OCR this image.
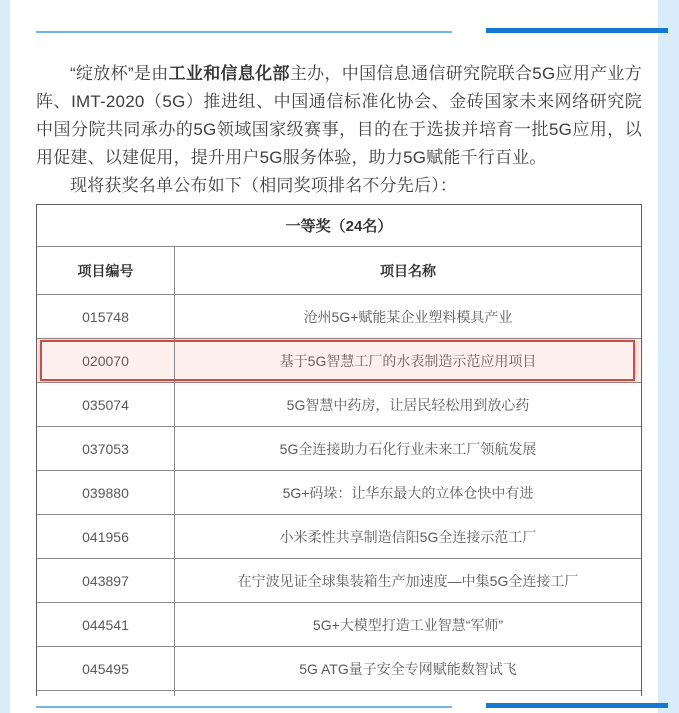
“绽放杯”是由工业和信息化部主办，中国信息通信研究院联合5G应用产业方阵、IMT-2020（5G）推进组、中国通信标准化协会、金砖国家未来网络研究院中国分院共同承办的5G领域国家级赛事，目的在于选拔并培育一批5G应用，以用促建、以建促用，提升用户5G服务体验，助力5G赋能千行百业。

现将获奖名单公布如下（相同奖项排名不分先后）：

一等奖（24名）
项目编号	项目名称
015748	沧州5G+赋能某企业塑料模具产业
020070	基于5G智慧工厂的水表制造示范应用项目
035074	5G智慧中药房，让居民轻松用到放心药
037053	5G全连接助力石化行业未来工厂领航发展
039880	5G+码垛：让华东最大的立体仓快中有进
041956	小米柔性共享制造信阳5G全连接示范工厂
043897	在宁波见证全球集装箱生产加速度—中集5G全连接工厂
044541	5G+大模型打造工业智慧“军师”
045495	5G ATG量子安全专网赋能数智试飞
